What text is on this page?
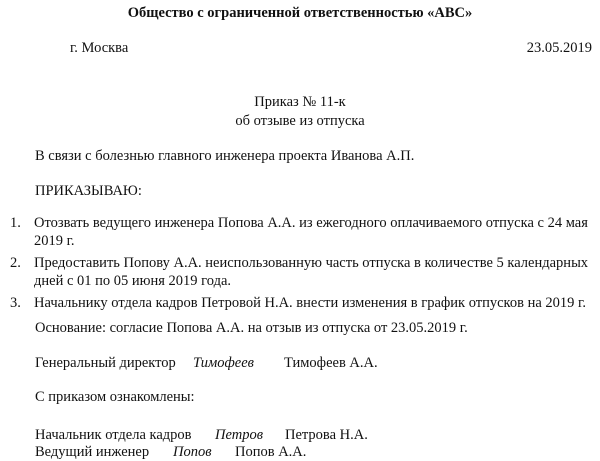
Общество с ограниченной ответственностью «АВС»
г. Москва	23.05.2019
Приказ № 11-к
об отзыве из отпуска
В связи с болезнью главного инженера проекта Иванова А.П.
ПРИКАЗЫВАЮ:
1. Отозвать ведущего инженера Попова А.А. из ежегодного оплачиваемого отпуска с 24 мая 2019 г.
2. Предоставить Попову А.А. неиспользованную часть отпуска в количестве 5 календарных дней с 01 по 05 июня 2019 года.
3. Начальнику отдела кадров Петровой Н.А. внести изменения в график отпусков на 2019 г.
Основание: согласие Попова А.А. на отзыв из отпуска от 23.05.2019 г.
Генеральный директор Тимофеев Тимофеев А.А.
С приказом ознакомлены:
Начальник отдела кадров Петров Петрова Н.А.
Ведущий инженер Попов Попов А.А.
